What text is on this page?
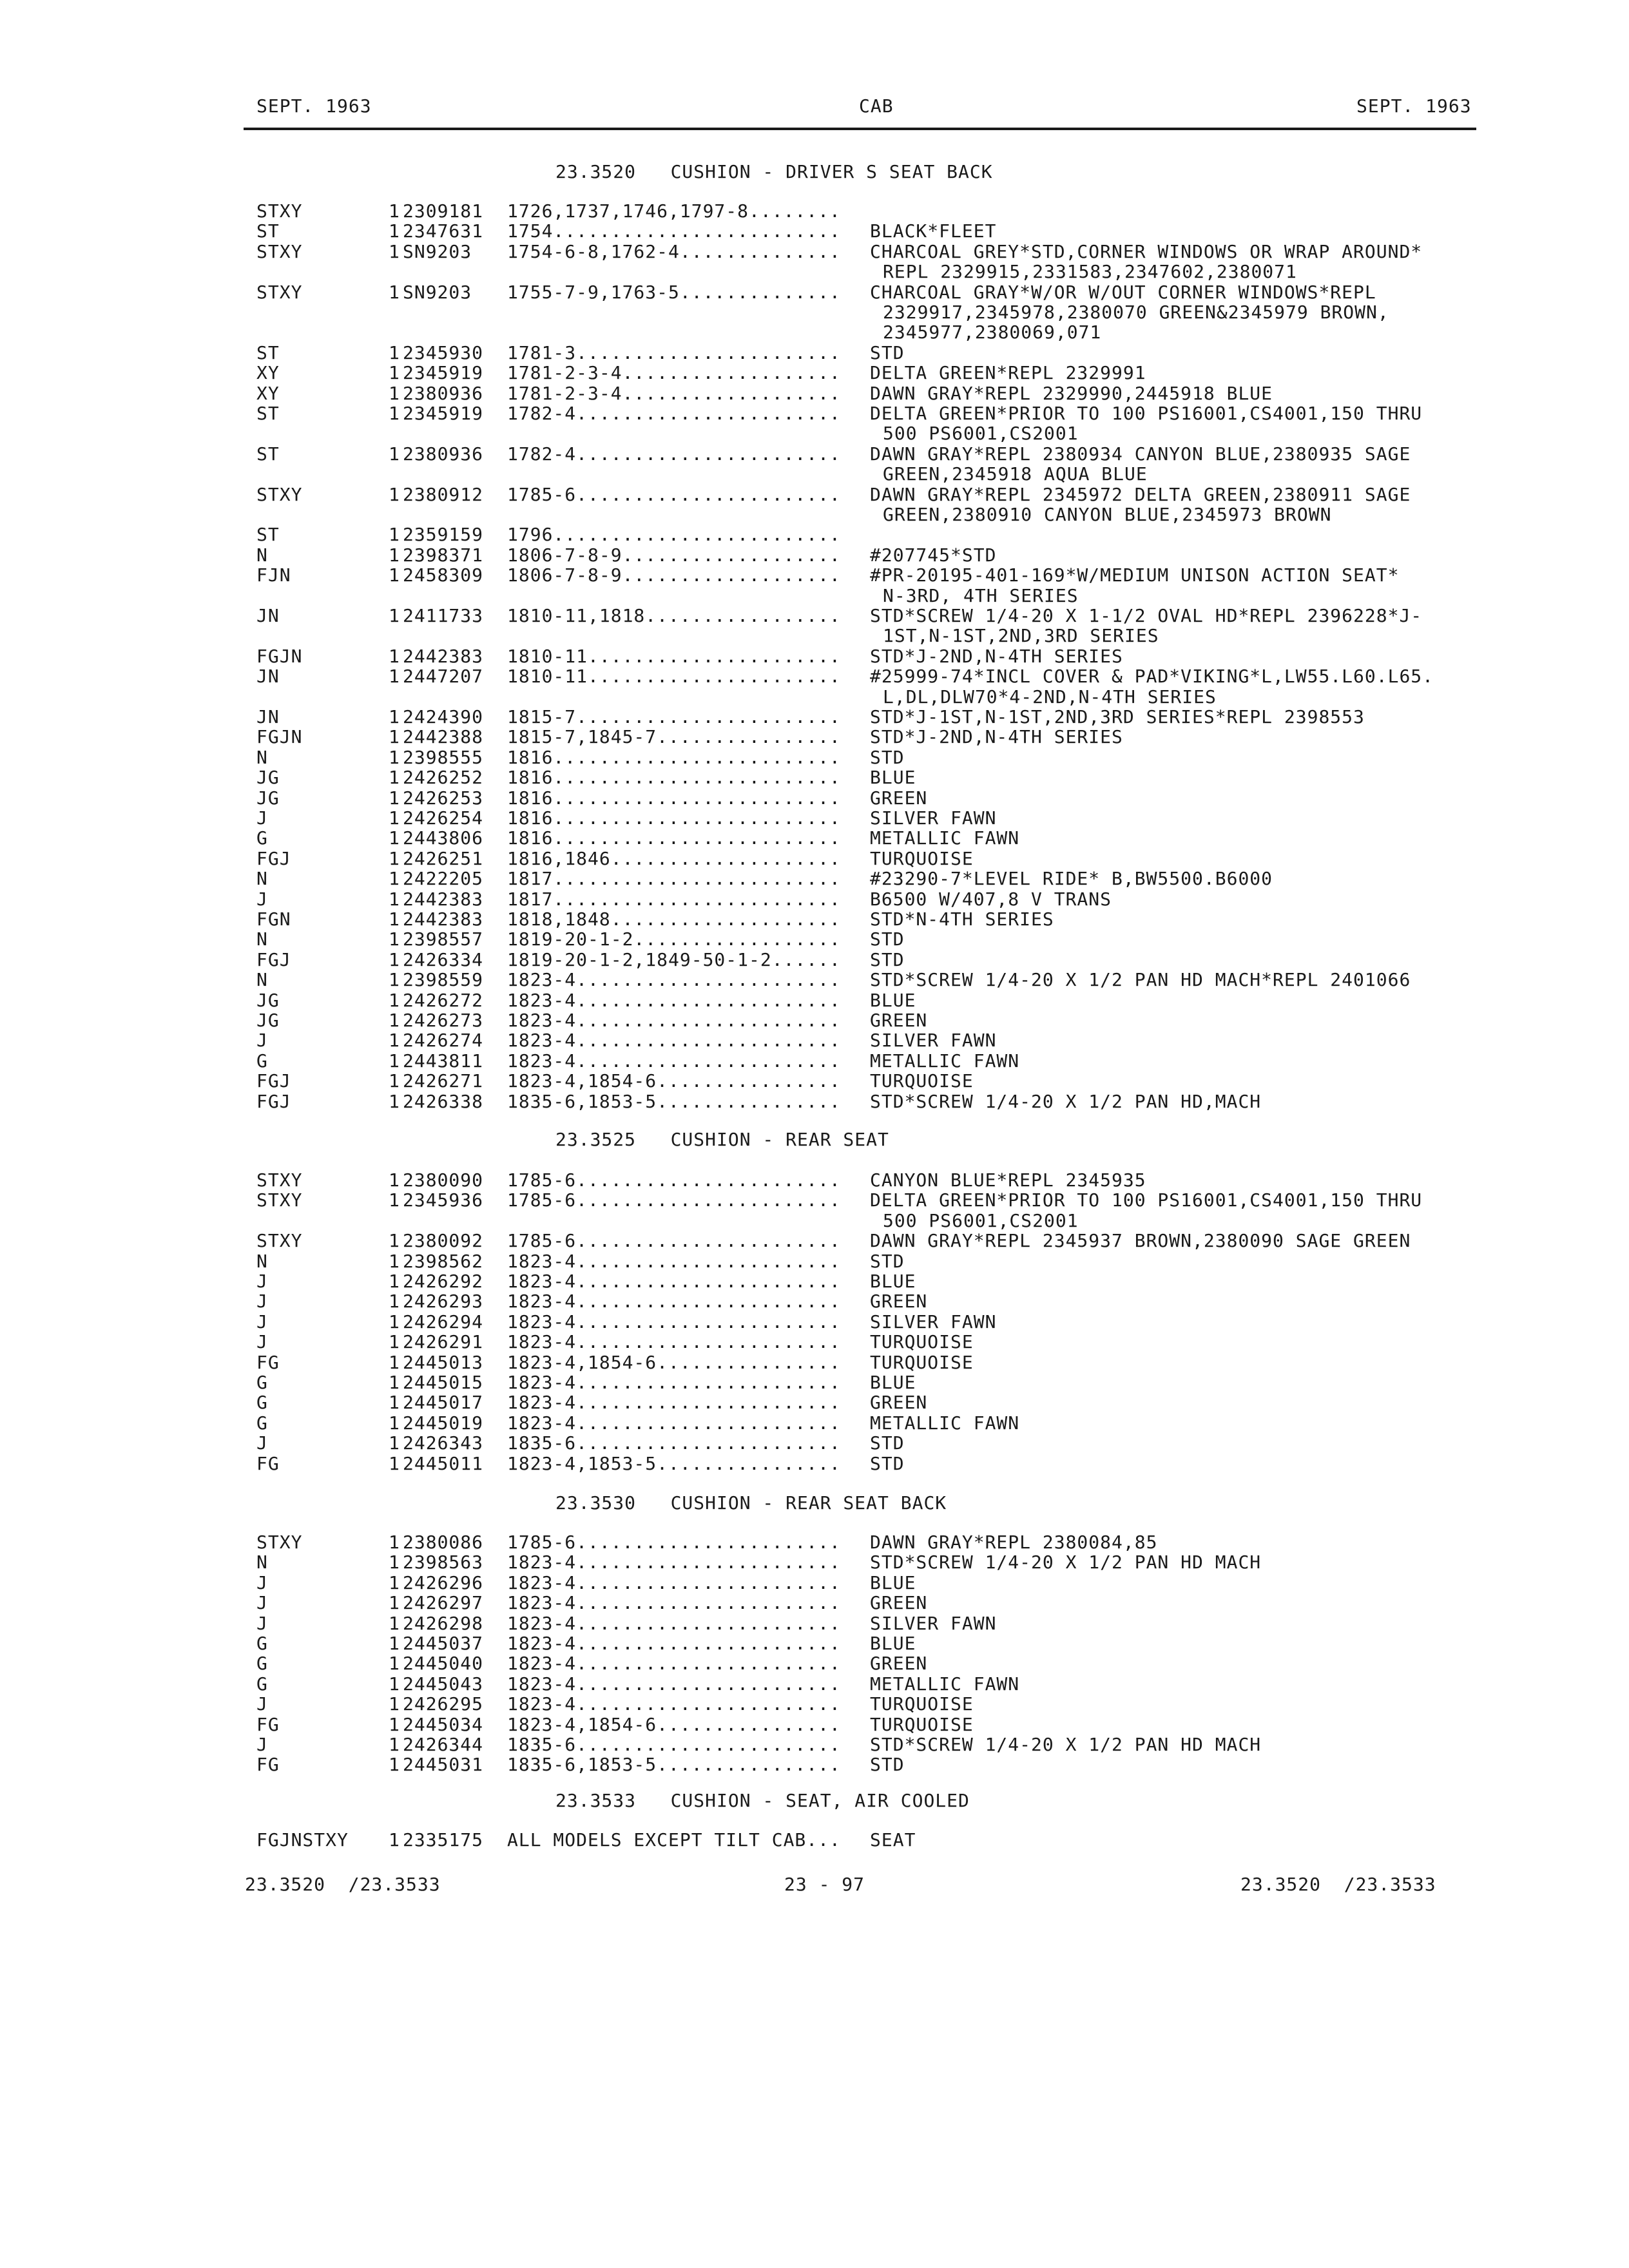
SEPT. 1963	CAB	SEPT. 1963
23.3520   CUSHION - DRIVER S SEAT BACK
STXY	1 2309181 1726,1737,1746,1797-8........
ST	1 2347631 1754......................... BLACK*FLEET
STXY	1 SN9203 1754-6-8,1762-4.............. CHARCOAL GREY*STD,CORNER WINDOWS OR WRAP AROUND*
REPL 2329915,2331583,2347602,2380071
STXY	1 SN9203 1755-7-9,1763-5.............. CHARCOAL GRAY*W/OR W/OUT CORNER WINDOWS*REPL
2329917,2345978,2380070 GREEN&2345979 BROWN,
2345977,2380069,071
ST	1 2345930 1781-3....................... STD
XY	1 2345919 1781-2-3-4................... DELTA GREEN*REPL 2329991
XY	1 2380936 1781-2-3-4................... DAWN GRAY*REPL 2329990,2445918 BLUE
ST	1 2345919 1782-4....................... DELTA GREEN*PRIOR TO 100 PS16001,CS4001,150 THRU
500 PS6001,CS2001
ST	1 2380936 1782-4....................... DAWN GRAY*REPL 2380934 CANYON BLUE,2380935 SAGE
GREEN,2345918 AQUA BLUE
STXY	1 2380912 1785-6....................... DAWN GRAY*REPL 2345972 DELTA GREEN,2380911 SAGE
GREEN,2380910 CANYON BLUE,2345973 BROWN
ST	1 2359159 1796.........................
N	1 2398371 1806-7-8-9................... #207745*STD
FJN	1 2458309 1806-7-8-9................... #PR-20195-401-169*W/MEDIUM UNISON ACTION SEAT*
N-3RD, 4TH SERIES
JN	1 2411733 1810-11,1818................. STD*SCREW 1/4-20 X 1-1/2 OVAL HD*REPL 2396228*J-
1ST,N-1ST,2ND,3RD SERIES
FGJN	1 2442383 1810-11...................... STD*J-2ND,N-4TH SERIES
JN	1 2447207 1810-11...................... #25999-74*INCL COVER & PAD*VIKING*L,LW55.L60.L65.
L,DL,DLW70*4-2ND,N-4TH SERIES
JN	1 2424390 1815-7....................... STD*J-1ST,N-1ST,2ND,3RD SERIES*REPL 2398553
FGJN	1 2442388 1815-7,1845-7................ STD*J-2ND,N-4TH SERIES
N	1 2398555 1816......................... STD
JG	1 2426252 1816......................... BLUE
JG	1 2426253 1816......................... GREEN
J	1 2426254 1816......................... SILVER FAWN
G	1 2443806 1816......................... METALLIC FAWN
FGJ	1 2426251 1816,1846.................... TURQUOISE
N	1 2422205 1817......................... #23290-7*LEVEL RIDE* B,BW5500.B6000
J	1 2442383 1817......................... B6500 W/407,8 V TRANS
FGN	1 2442383 1818,1848.................... STD*N-4TH SERIES
N	1 2398557 1819-20-1-2.................. STD
FGJ	1 2426334 1819-20-1-2,1849-50-1-2...... STD
N	1 2398559 1823-4....................... STD*SCREW 1/4-20 X 1/2 PAN HD MACH*REPL 2401066
JG	1 2426272 1823-4....................... BLUE
JG	1 2426273 1823-4....................... GREEN
J	1 2426274 1823-4....................... SILVER FAWN
G	1 2443811 1823-4....................... METALLIC FAWN
FGJ	1 2426271 1823-4,1854-6................ TURQUOISE
FGJ	1 2426338 1835-6,1853-5................ STD*SCREW 1/4-20 X 1/2 PAN HD,MACH
23.3525   CUSHION - REAR SEAT
STXY	1 2380090 1785-6....................... CANYON BLUE*REPL 2345935
STXY	1 2345936 1785-6....................... DELTA GREEN*PRIOR TO 100 PS16001,CS4001,150 THRU
500 PS6001,CS2001
STXY	1 2380092 1785-6....................... DAWN GRAY*REPL 2345937 BROWN,2380090 SAGE GREEN
N	1 2398562 1823-4....................... STD
J	1 2426292 1823-4....................... BLUE
J	1 2426293 1823-4....................... GREEN
J	1 2426294 1823-4....................... SILVER FAWN
J	1 2426291 1823-4....................... TURQUOISE
FG	1 2445013 1823-4,1854-6................ TURQUOISE
G	1 2445015 1823-4....................... BLUE
G	1 2445017 1823-4....................... GREEN
G	1 2445019 1823-4....................... METALLIC FAWN
J	1 2426343 1835-6....................... STD
FG	1 2445011 1823-4,1853-5................ STD
23.3530   CUSHION - REAR SEAT BACK
STXY	1 2380086 1785-6....................... DAWN GRAY*REPL 2380084,85
N	1 2398563 1823-4....................... STD*SCREW 1/4-20 X 1/2 PAN HD MACH
J	1 2426296 1823-4....................... BLUE
J	1 2426297 1823-4....................... GREEN
J	1 2426298 1823-4....................... SILVER FAWN
G	1 2445037 1823-4....................... BLUE
G	1 2445040 1823-4....................... GREEN
G	1 2445043 1823-4....................... METALLIC FAWN
J	1 2426295 1823-4....................... TURQUOISE
FG	1 2445034 1823-4,1854-6................ TURQUOISE
J	1 2426344 1835-6....................... STD*SCREW 1/4-20 X 1/2 PAN HD MACH
FG	1 2445031 1835-6,1853-5................ STD
23.3533   CUSHION - SEAT, AIR COOLED
FGJNSTXY 1 2335175 ALL MODELS EXCEPT TILT CAB... SEAT
23.3520  /23.3533	23 - 97	23.3520  /23.3533
